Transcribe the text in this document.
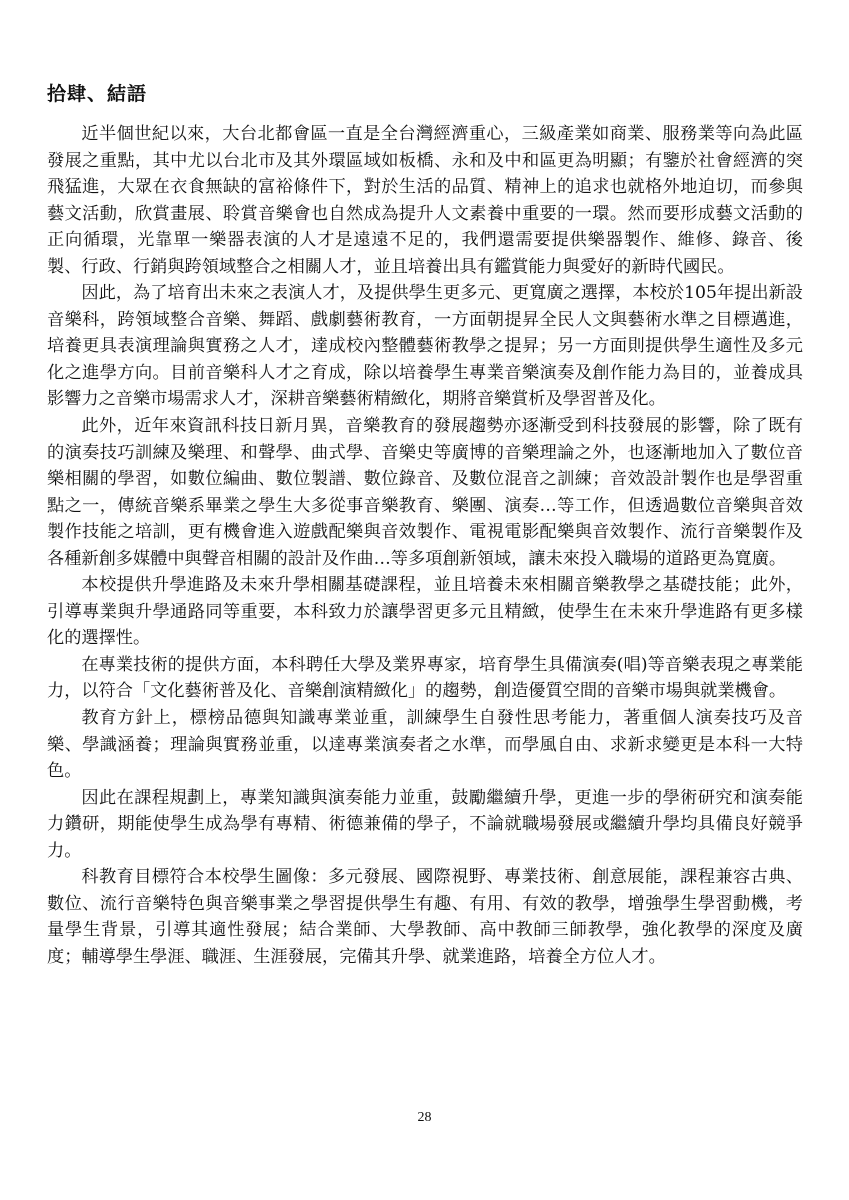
拾肆、結語

近半個世紀以來，大台北都會區一直是全台灣經濟重心，三級產業如商業、服務業等向為此區發展之重點，其中尤以台北市及其外環區域如板橋、永和及中和區更為明顯；有鑒於社會經濟的突飛猛進，大眾在衣食無缺的富裕條件下，對於生活的品質、精神上的追求也就格外地迫切，而參與藝文活動，欣賞畫展、聆賞音樂會也自然成為提升人文素養中重要的一環。然而要形成藝文活動的正向循環，光靠單一樂器表演的人才是遠遠不足的，我們還需要提供樂器製作、維修、錄音、後製、行政、行銷與跨領域整合之相關人才，並且培養出具有鑑賞能力與愛好的新時代國民。

因此，為了培育出未來之表演人才，及提供學生更多元、更寬廣之選擇，本校於105年提出新設音樂科，跨領域整合音樂、舞蹈、戲劇藝術教育，一方面朝提昇全民人文與藝術水準之目標邁進，培養更具表演理論與實務之人才，達成校內整體藝術教學之提昇；另一方面則提供學生適性及多元化之進學方向。目前音樂科人才之育成，除以培養學生專業音樂演奏及創作能力為目的，並養成具影響力之音樂市場需求人才，深耕音樂藝術精緻化，期將音樂賞析及學習普及化。

此外，近年來資訊科技日新月異，音樂教育的發展趨勢亦逐漸受到科技發展的影響，除了既有的演奏技巧訓練及樂理、和聲學、曲式學、音樂史等廣博的音樂理論之外，也逐漸地加入了數位音樂相關的學習，如數位編曲、數位製譜、數位錄音、及數位混音之訓練；音效設計製作也是學習重點之一，傳統音樂系畢業之學生大多從事音樂教育、樂團、演奏…等工作，但透過數位音樂與音效製作技能之培訓，更有機會進入遊戲配樂與音效製作、電視電影配樂與音效製作、流行音樂製作及各種新創多媒體中與聲音相關的設計及作曲…等多項創新領域，讓未來投入職場的道路更為寬廣。

本校提供升學進路及未來升學相關基礎課程，並且培養未來相關音樂教學之基礎技能；此外，引導專業與升學通路同等重要，本科致力於讓學習更多元且精緻，使學生在未來升學進路有更多樣化的選擇性。

在專業技術的提供方面，本科聘任大學及業界專家，培育學生具備演奏(唱)等音樂表現之專業能力，以符合「文化藝術普及化、音樂創演精緻化」的趨勢，創造優質空間的音樂市場與就業機會。

教育方針上，標榜品德與知識專業並重，訓練學生自發性思考能力，著重個人演奏技巧及音樂、學識涵養；理論與實務並重，以達專業演奏者之水準，而學風自由、求新求變更是本科一大特色。

因此在課程規劃上，專業知識與演奏能力並重，鼓勵繼續升學，更進一步的學術研究和演奏能力鑽研，期能使學生成為學有專精、術德兼備的學子，不論就職場發展或繼續升學均具備良好競爭力。

科教育目標符合本校學生圖像：多元發展、國際視野、專業技術、創意展能，課程兼容古典、數位、流行音樂特色與音樂事業之學習提供學生有趣、有用、有效的教學，增強學生學習動機，考量學生背景，引導其適性發展；結合業師、大學教師、高中教師三師教學，強化教學的深度及廣度；輔導學生學涯、職涯、生涯發展，完備其升學、就業進路，培養全方位人才。

28
